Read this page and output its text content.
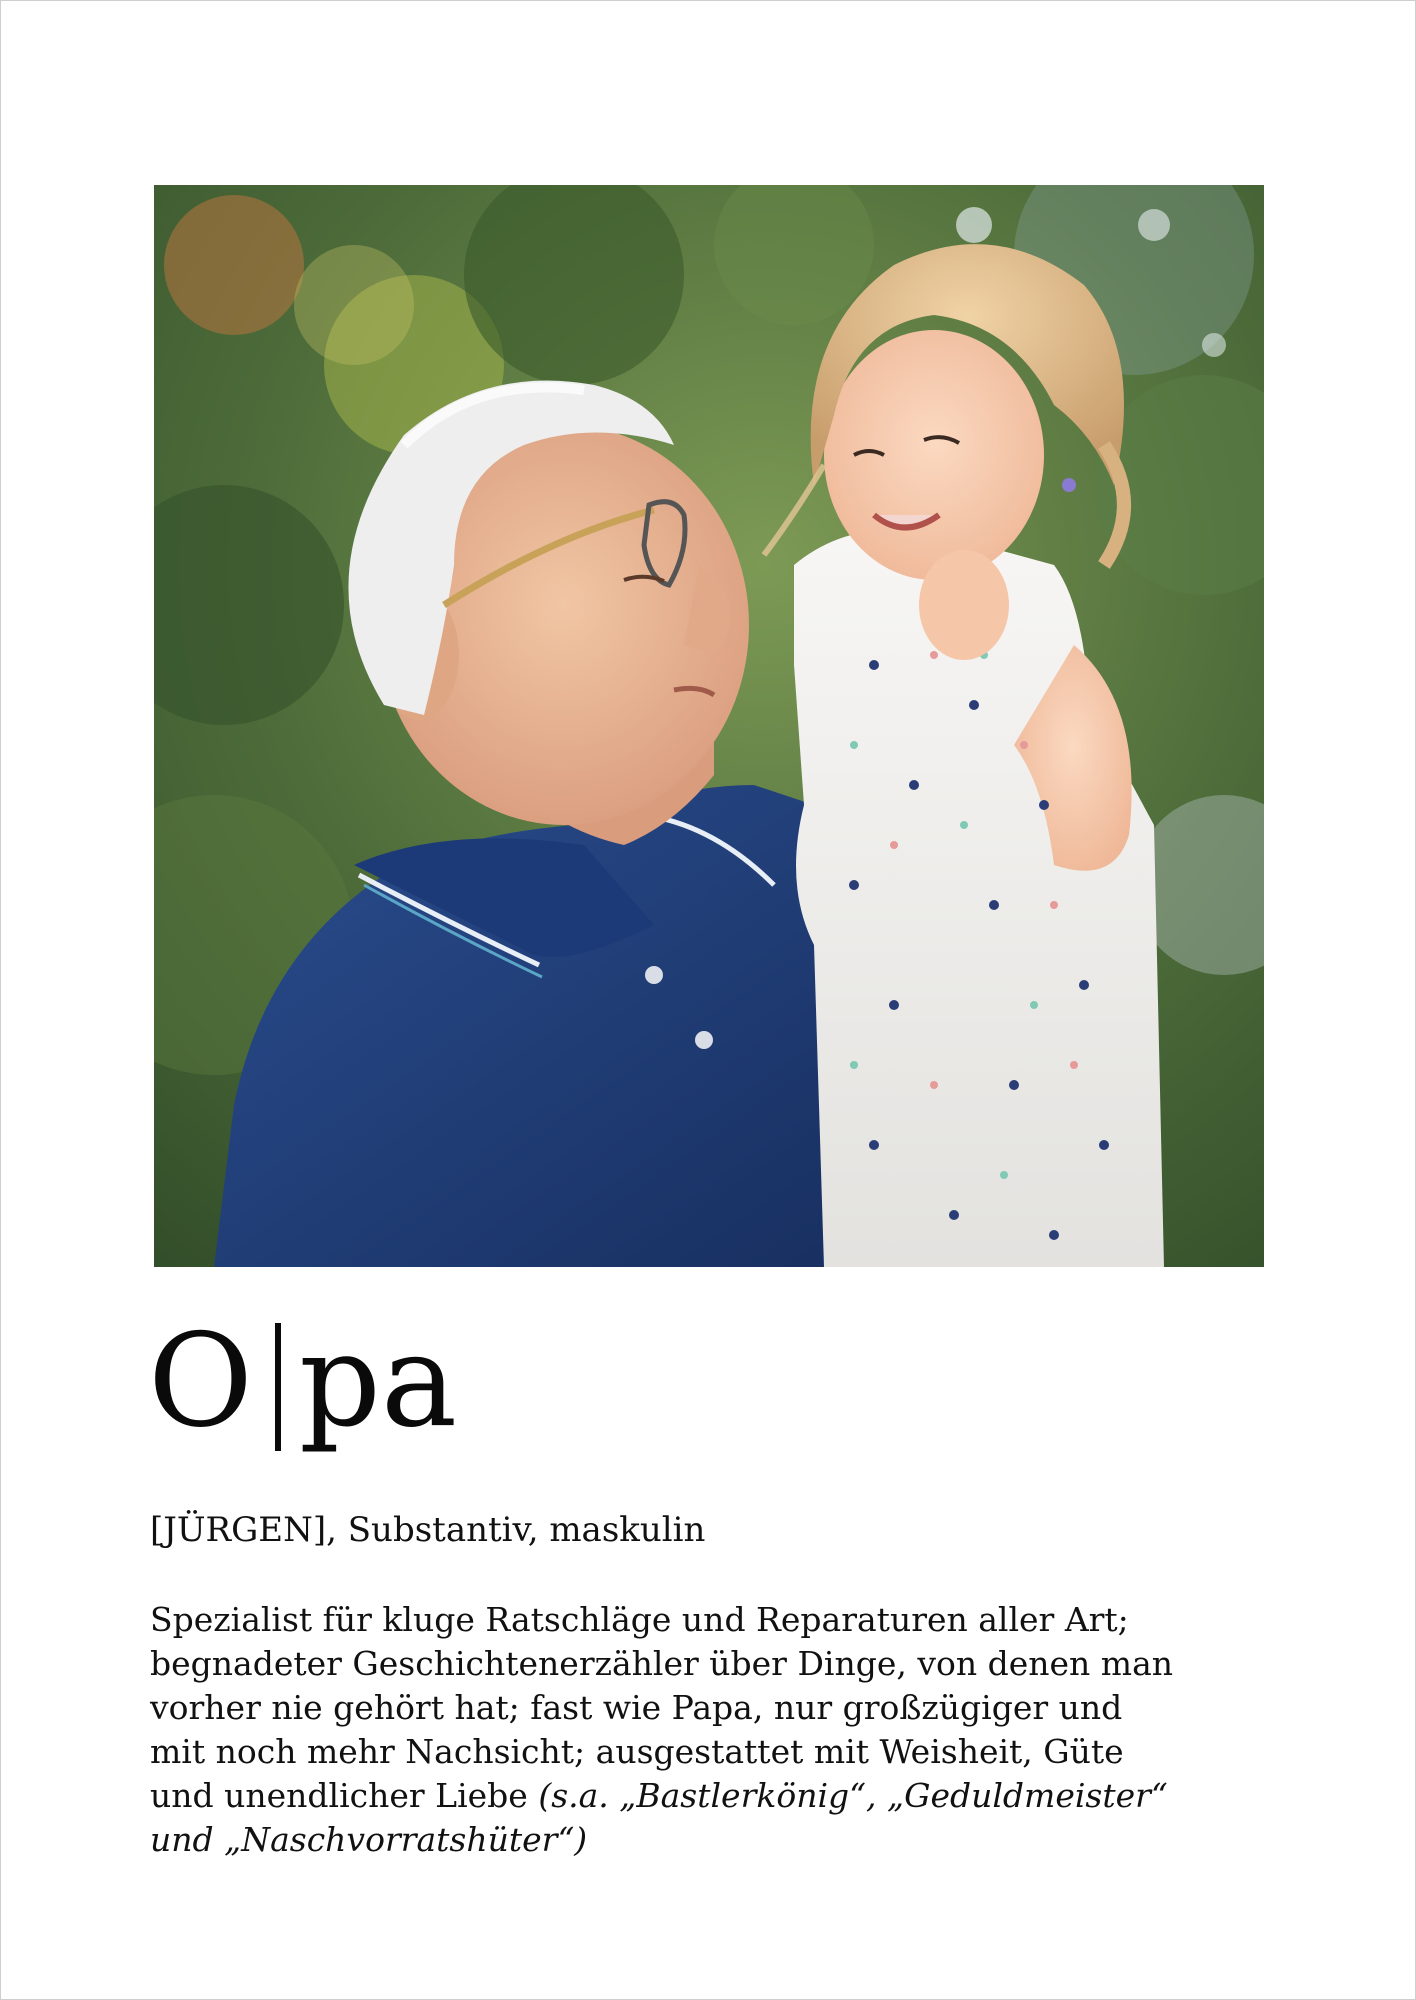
O pa
[JÜRGEN], Substantiv, maskulin
Spezialist für kluge Ratschläge und Reparaturen aller Art;
begnadeter Geschichtenerzähler über Dinge, von denen man
vorher nie gehört hat; fast wie Papa, nur großzügiger und
mit noch mehr Nachsicht; ausgestattet mit Weisheit, Güte
und unendlicher Liebe (s.a. „Bastlerkönig“, „Geduldmeister“
und „Naschvorratshüter“)
